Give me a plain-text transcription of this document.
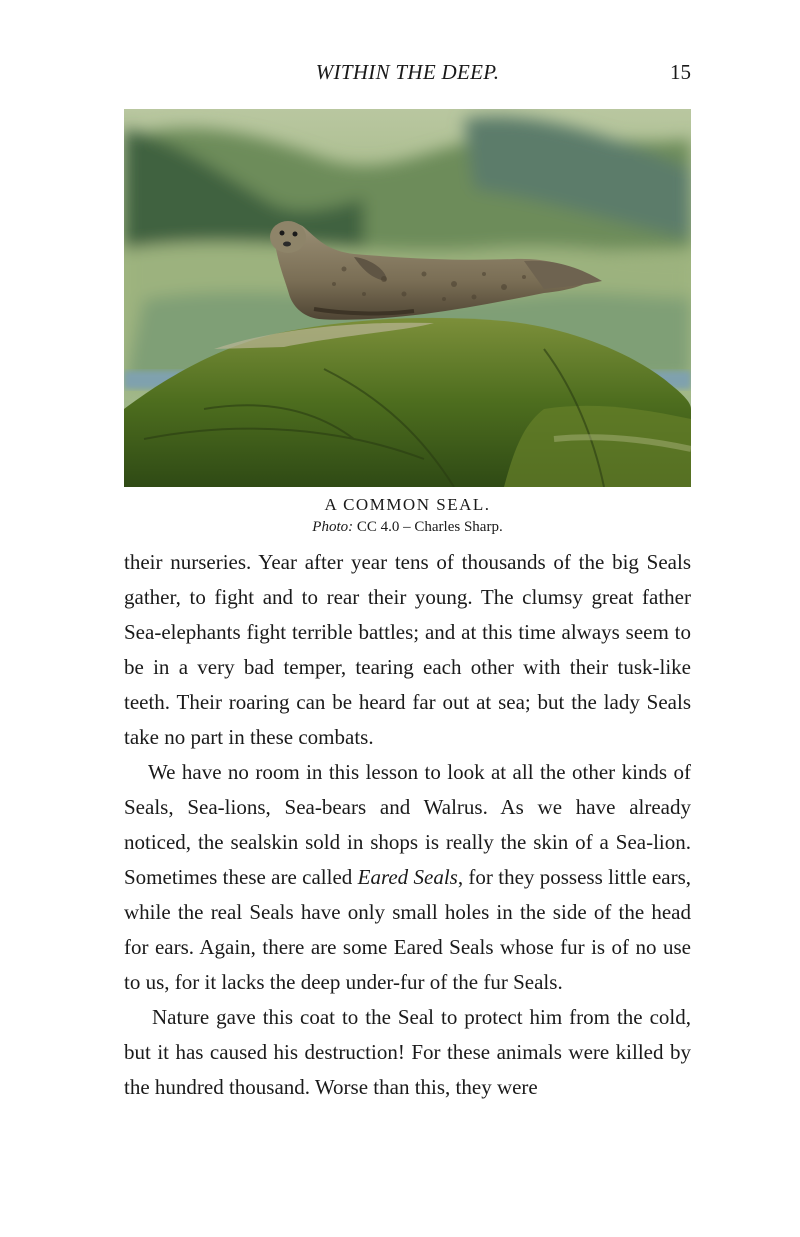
WITHIN THE DEEP.	15
A COMMON SEAL.
Photo: CC 4.0 – Charles Sharp.

their nurseries. Year after year tens of thousands of the big Seals gather, to fight and to rear their young. The clumsy great father Sea-elephants fight terrible battles; and at this time always seem to be in a very bad temper, tearing each other with their tusk-like teeth. Their roaring can be heard far out at sea; but the lady Seals take no part in these combats.

We have no room in this lesson to look at all the other kinds of Seals, Sea-lions, Sea-bears and Walrus. As we have already noticed, the sealskin sold in shops is really the skin of a Sea-lion. Sometimes these are called Eared Seals, for they possess little ears, while the real Seals have only small holes in the side of the head for ears. Again, there are some Eared Seals whose fur is of no use to us, for it lacks the deep under-fur of the fur Seals.

Nature gave this coat to the Seal to protect him from the cold, but it has caused his destruction! For these animals were killed by the hundred thousand. Worse than this, they were
